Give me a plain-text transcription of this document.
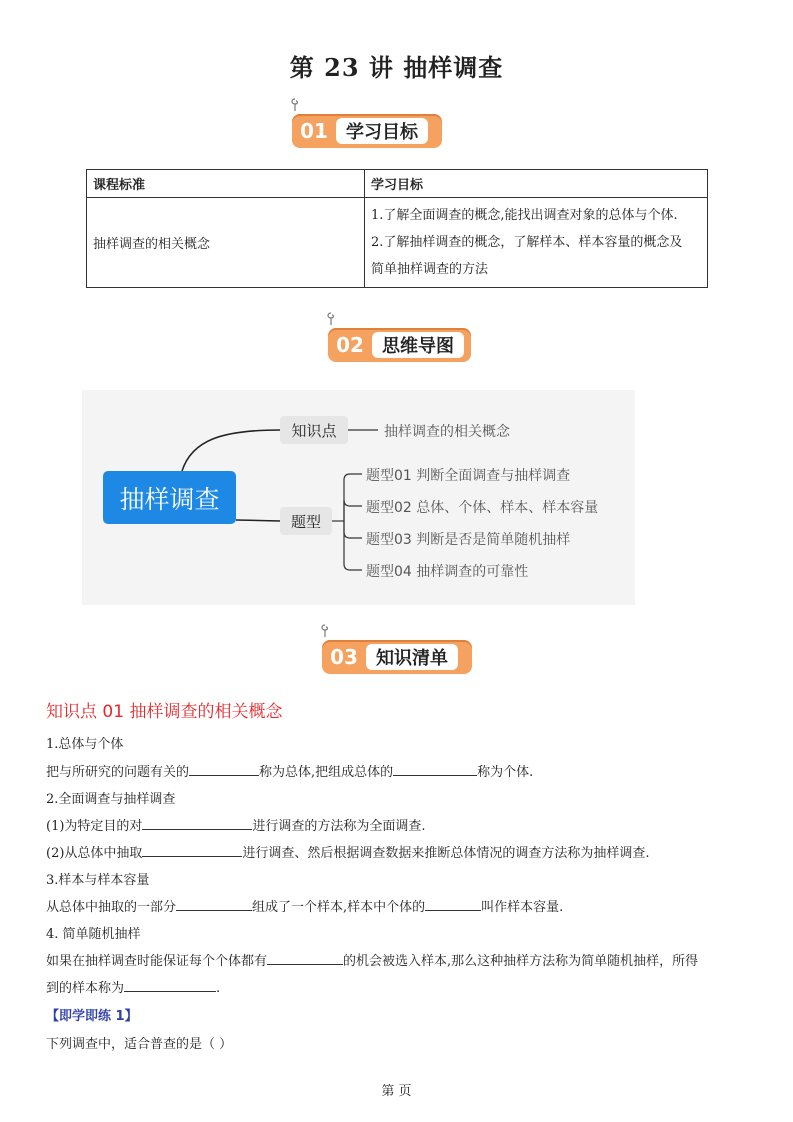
第 23 讲 抽样调查
01	学习目标
课程标准	学习目标
抽样调查的相关概念	1.了解全面调查的概念,能找出调查对象的总体与个体.
2.了解抽样调查的概念，了解样本、样本容量的概念及
简单抽样调查的方法
02	思维导图
抽样调查
知识点	抽样调查的相关概念
题型
题型01 判断全面调查与抽样调查
题型02 总体、个体、样本、样本容量
题型03 判断是否是简单随机抽样
题型04 抽样调查的可靠性
03	知识清单
知识点 01 抽样调查的相关概念
1.总体与个体
把与所研究的问题有关的	称为总体,把组成总体的	称为个体.
2.全面调查与抽样调查
(1)为特定目的对	进行调查的方法称为全面调查.
(2)从总体中抽取	进行调查、然后根据调查数据来推断总体情况的调查方法称为抽样调查.
3.样本与样本容量
从总体中抽取的一部分	组成了一个样本,样本中个体的	叫作样本容量.
4. 简单随机抽样
如果在抽样调查时能保证每个个体都有	的机会被选入样本,那么这种抽样方法称为简单随机抽样，所得
到的样本称为	.
【即学即练 1】
下列调查中，适合普查的是（ ）
第 页
